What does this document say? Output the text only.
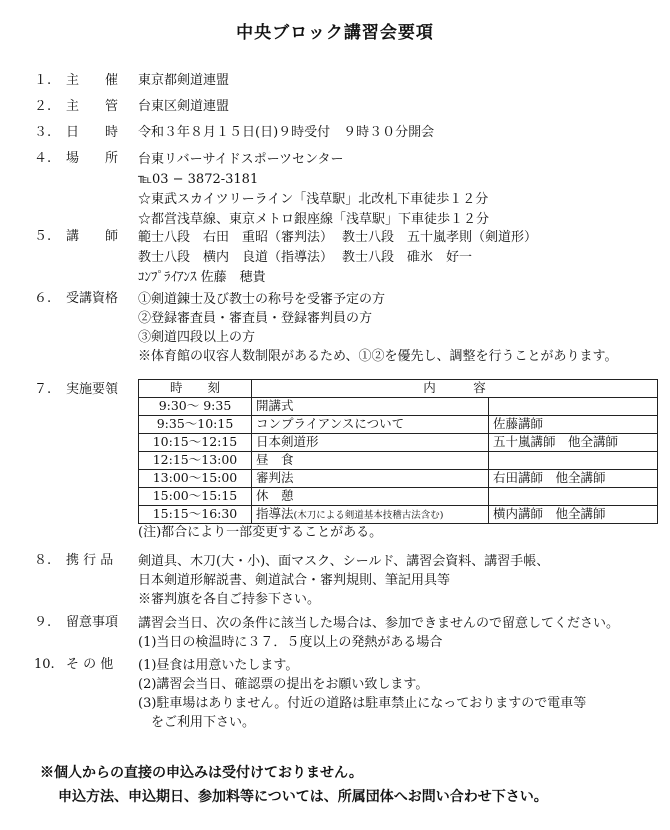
中央ブロック講習会要項
１.	主 催 東京都剣道連盟
２.	主 管 台東区剣道連盟
３.	日 時 令和３年８月１５日(日)９時受付　９時３０分開会
４.	場 所 台東リバーサイドスポーツセンター
℡03 − 3872-3181
☆東武スカイツリーライン「浅草駅」北改札下車徒歩１２分
☆都営浅草線、東京メトロ銀座線「浅草駅」下車徒歩１２分
５.	講 師 範士八段　右田　重昭（審判法） 教士八段　五十嵐孝則（剣道形）
教士八段　横内　良道（指導法） 教士八段　碓氷　好一
ｺﾝﾌﾟﾗｲｱﾝｽ 佐藤　穂貴
６.	受講資格	①剣道錬士及び教士の称号を受審予定の方
②登録審査員・審査員・登録審判員の方
③剣道四段以上の方
※体育館の収容人数制限があるため、①②を優先し、調整を行うことがあります。
７.	実施要領	時　　刻	内　　　容	
9:30〜 9:35	開講式	
9:35〜10:15	コンプライアンスについて	佐藤講師
10:15〜12:15	日本剣道形	五十嵐講師　他全講師
12:15〜13:00	昼　食	
13:00〜15:00	審判法	右田講師　他全講師
15:00〜15:15	休　憩	
15:15〜16:30	指導法(木刀による剣道基本技稽古法含む)	横内講師　他全講師
(注)都合により一部変更することがある。
８.	携 行 品	剣道具、木刀(大・小)、面マスク、シールド、講習会資料、講習手帳、
日本剣道形解説書、剣道試合・審判規則、筆記用具等
※審判旗を各自ご持参下さい。
９.	留意事項	講習会当日、次の条件に該当した場合は、参加できませんので留意してください。
(1)当日の検温時に３７．５度以上の発熱がある場合
10. そ の 他	(1)昼食は用意いたします。
(2)講習会当日、確認票の提出をお願い致します。
(3)駐車場はありません。付近の道路は駐車禁止になっておりますので電車等
　をご利用下さい。
※個人からの直接の申込みは受付けておりません。
申込方法、申込期日、参加料等については、所属団体へお問い合わせ下さい。
